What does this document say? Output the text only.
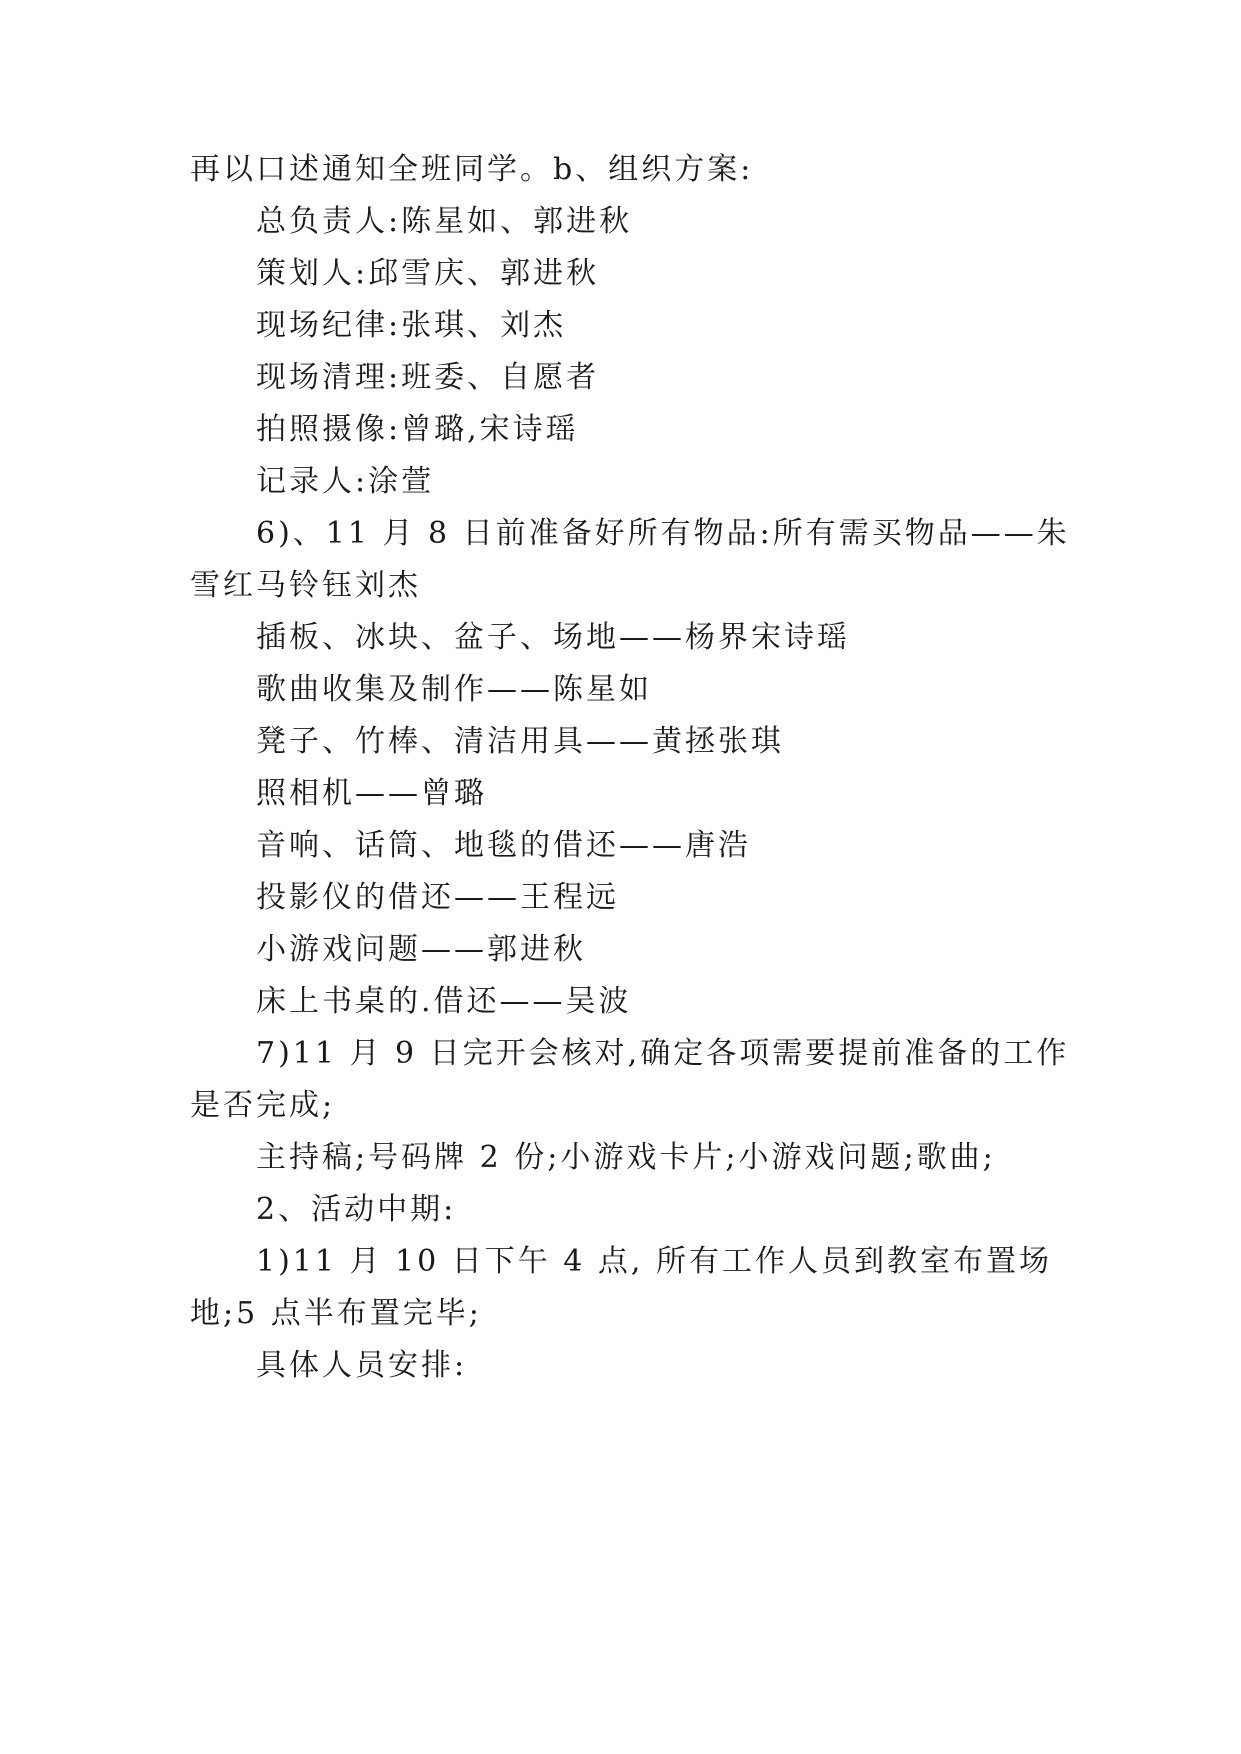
再以口述通知全班同学。b、组织方案:
总负责人:陈星如、郭进秋
策划人:邱雪庆、郭进秋
现场纪律:张琪、刘杰
现场清理:班委、自愿者
拍照摄像:曾璐,宋诗瑶
记录人:涂萱
6)、11 月 8 日前准备好所有物品:所有需买物品——朱
雪红马铃钰刘杰
插板、冰块、盆子、场地——杨界宋诗瑶
歌曲收集及制作——陈星如
凳子、竹棒、清洁用具——黄拯张琪
照相机——曾璐
音响、话筒、地毯的借还——唐浩
投影仪的借还——王程远
小游戏问题——郭进秋
床上书桌的.借还——吴波
7)11 月 9 日完开会核对,确定各项需要提前准备的工作
是否完成;
主持稿;号码牌 2 份;小游戏卡片;小游戏问题;歌曲;
2、活动中期:
1)11 月 10 日下午 4 点, 所有工作人员到教室布置场
地;5 点半布置完毕;
具体人员安排:
